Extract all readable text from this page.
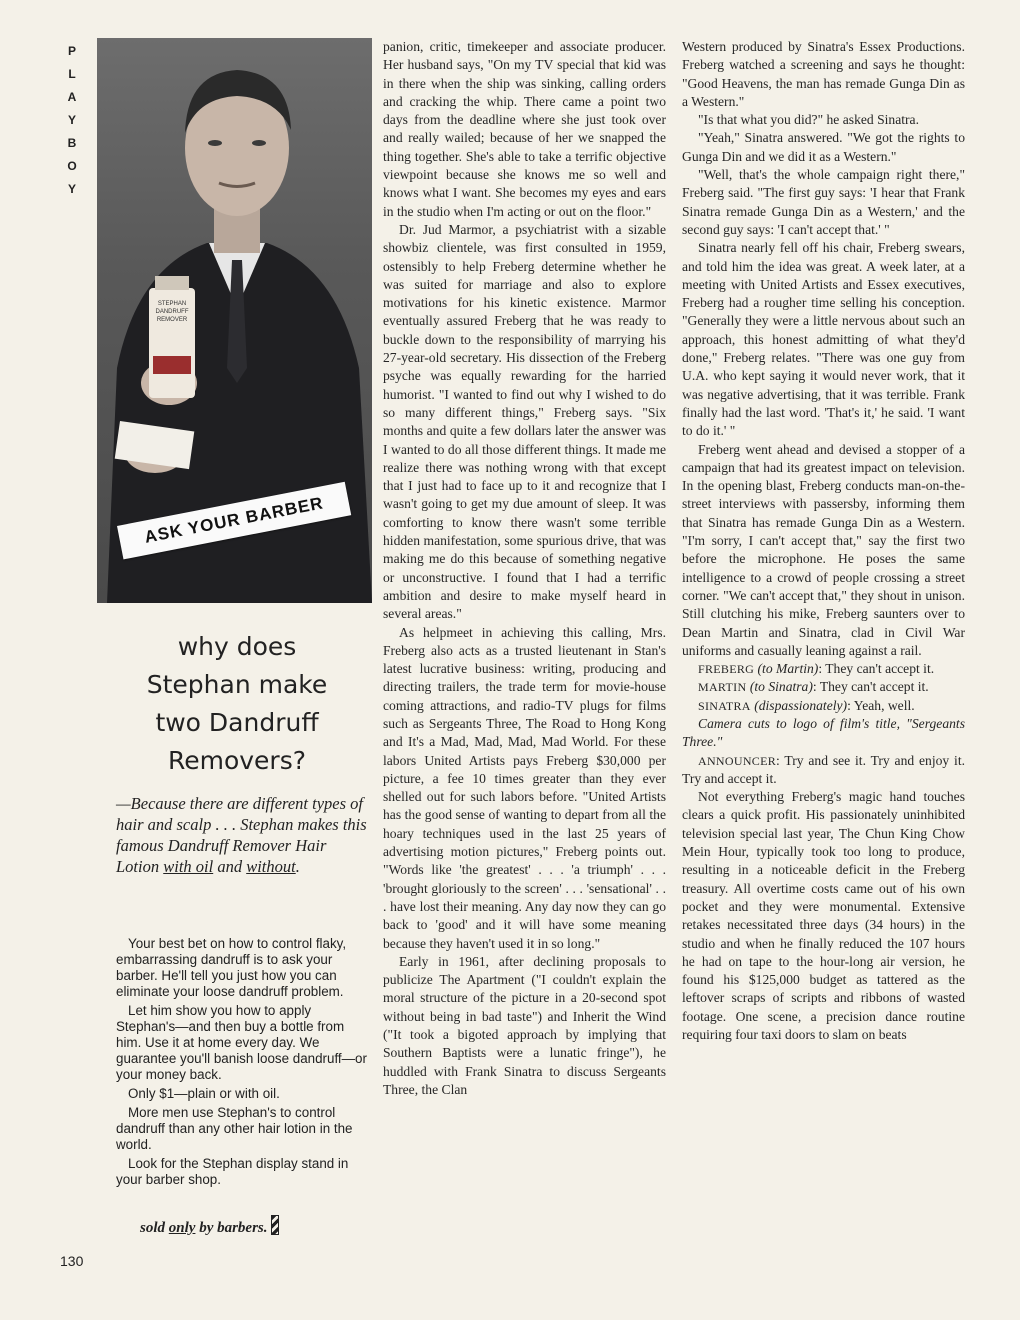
P
L
A
Y
B
O
Y
STEPHAN
DANDRUFF
REMOVER
ASK YOUR BARBER
why does
Stephan make
two Dandruff
Removers?
—Because there are different types of hair and scalp . . . Stephan makes this famous Dandruff Remover Hair Lotion with oil and without.

Your best bet on how to control flaky, embarrassing dandruff is to ask your barber. He'll tell you just how you can eliminate your loose dandruff problem.

Let him show you how to apply Stephan's—and then buy a bottle from him. Use it at home every day. We guarantee you'll banish loose dandruff—or your money back.

Only $1—plain or with oil.

More men use Stephan's to control dandruff than any other hair lotion in the world.

Look for the Stephan display stand in your barber shop.

sold only by barbers.
130

panion, critic, timekeeper and associate producer. Her husband says, "On my TV special that kid was in there when the ship was sinking, calling orders and cracking the whip. There came a point two days from the deadline where she just took over and really wailed; because of her we snapped the thing together. She's able to take a terrific objective viewpoint because she knows me so well and knows what I want. She becomes my eyes and ears in the studio when I'm acting or out on the floor."

Dr. Jud Marmor, a psychiatrist with a sizable showbiz clientele, was first consulted in 1959, ostensibly to help Freberg determine whether he was suited for marriage and also to explore motivations for his kinetic existence. Marmor eventually assured Freberg that he was ready to buckle down to the responsibility of marrying his 27-year-old secretary. His dissection of the Freberg psyche was equally rewarding for the harried humorist. "I wanted to find out why I wished to do so many different things," Freberg says. "Six months and quite a few dollars later the answer was I wanted to do all those different things. It made me realize there was nothing wrong with that except that I just had to face up to it and recognize that I wasn't going to get my due amount of sleep. It was comforting to know there wasn't some terrible hidden manifestation, some spurious drive, that was making me do this because of something negative or unconstructive. I found that I had a terrific ambition and desire to make myself heard in several areas."

As helpmeet in achieving this calling, Mrs. Freberg also acts as a trusted lieutenant in Stan's latest lucrative business: writing, producing and directing trailers, the trade term for movie-house coming attractions, and radio-TV plugs for films such as Sergeants Three, The Road to Hong Kong and It's a Mad, Mad, Mad, Mad World. For these labors United Artists pays Freberg $30,000 per picture, a fee 10 times greater than they ever shelled out for such labors before. "United Artists has the good sense of wanting to depart from all the hoary techniques used in the last 25 years of advertising motion pictures," Freberg points out. "Words like 'the greatest' . . . 'a triumph' . . . 'brought gloriously to the screen' . . . 'sensational' . . . have lost their meaning. Any day now they can go back to 'good' and it will have some meaning because they haven't used it in so long."

Early in 1961, after declining proposals to publicize The Apartment ("I couldn't explain the moral structure of the picture in a 20-second spot without being in bad taste") and Inherit the Wind ("It took a bigoted approach by implying that Southern Baptists were a lunatic fringe"), he huddled with Frank Sinatra to discuss Sergeants Three, the Clan

Western produced by Sinatra's Essex Productions. Freberg watched a screening and says he thought: "Good Heavens, the man has remade Gunga Din as a Western."

"Is that what you did?" he asked Sinatra.

"Yeah," Sinatra answered. "We got the rights to Gunga Din and we did it as a Western."

"Well, that's the whole campaign right there," Freberg said. "The first guy says: 'I hear that Frank Sinatra remade Gunga Din as a Western,' and the second guy says: 'I can't accept that.' "

Sinatra nearly fell off his chair, Freberg swears, and told him the idea was great. A week later, at a meeting with United Artists and Essex executives, Freberg had a rougher time selling his conception. "Generally they were a little nervous about such an approach, this honest admitting of what they'd done," Freberg relates. "There was one guy from U.A. who kept saying it would never work, that it was negative advertising, that it was terrible. Frank finally had the last word. 'That's it,' he said. 'I want to do it.' "

Freberg went ahead and devised a stopper of a campaign that had its greatest impact on television. In the opening blast, Freberg conducts man-on-the-street interviews with passersby, informing them that Sinatra has remade Gunga Din as a Western. "I'm sorry, I can't accept that," say the first two before the microphone. He poses the same intelligence to a crowd of people crossing a street corner. "We can't accept that," they shout in unison. Still clutching his mike, Freberg saunters over to Dean Martin and Sinatra, clad in Civil War uniforms and casually leaning against a rail.

FREBERG (to Martin): They can't accept it.

MARTIN (to Sinatra): They can't accept it.

SINATRA (dispassionately): Yeah, well.

Camera cuts to logo of film's title, "Sergeants Three."

ANNOUNCER: Try and see it. Try and enjoy it. Try and accept it.

Not everything Freberg's magic hand touches clears a quick profit. His passionately uninhibited television special last year, The Chun King Chow Mein Hour, typically took too long to produce, resulting in a noticeable deficit in the Freberg treasury. All overtime costs came out of his own pocket and they were monumental. Extensive retakes necessitated three days (34 hours) in the studio and when he finally reduced the 107 hours he had on tape to the hour-long air version, he found his $125,000 budget as tattered as the leftover scraps of scripts and ribbons of wasted footage. One scene, a precision dance routine requiring four taxi doors to slam on beats
